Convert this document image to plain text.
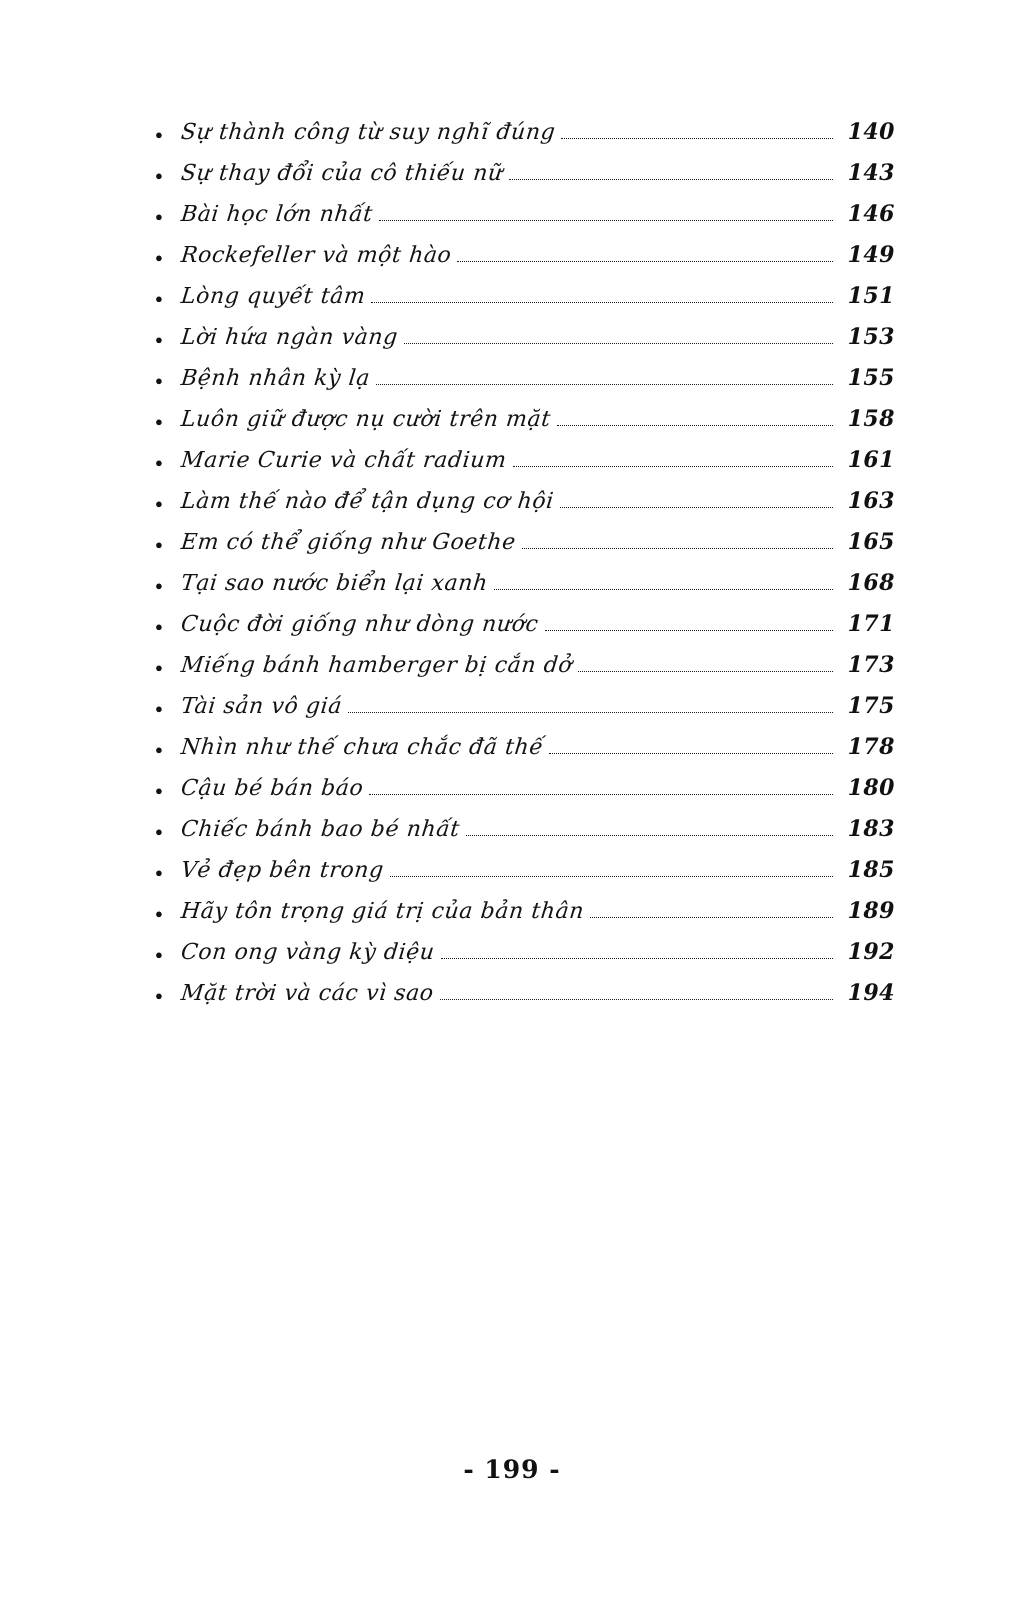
●
Sự thành công từ suy nghĩ đúng	140
●
Sự thay đổi của cô thiếu nữ	143
●
Bài học lớn nhất	146
●
Rockefeller và một hào	149
●
Lòng quyết tâm	151
●
Lời hứa ngàn vàng	153
●
Bệnh nhân kỳ lạ	155
●
Luôn giữ được nụ cười trên mặt	158
●
Marie Curie và chất radium	161
●
Làm thế nào để tận dụng cơ hội	163
●
Em có thể giống như Goethe	165
●
Tại sao nước biển lại xanh	168
●
Cuộc đời giống như dòng nước	171
●
Miếng bánh hamberger bị cắn dở	173
●
Tài sản vô giá	175
●
Nhìn như thế chưa chắc đã thế	178
●
Cậu bé bán báo	180
●
Chiếc bánh bao bé nhất	183
●
Vẻ đẹp bên trong	185
●
Hãy tôn trọng giá trị của bản thân	189
●
Con ong vàng kỳ diệu	192
●
Mặt trời và các vì sao	194
- 199 -
